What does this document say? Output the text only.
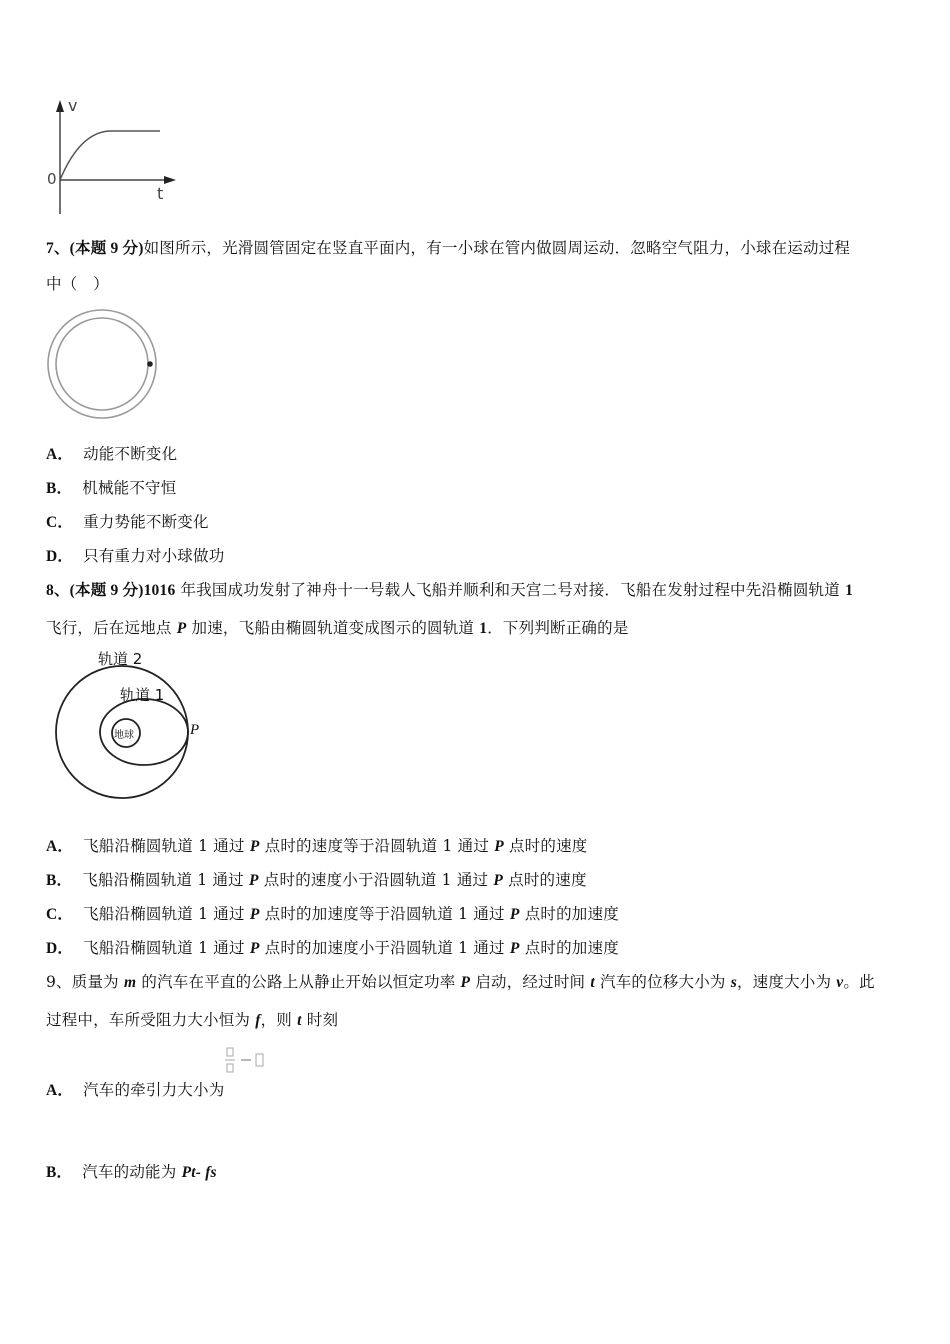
v
t
0
7、(本题 9 分)如图所示，光滑圆管固定在竖直平面内，有一小球在管内做圆周运动．忽略空气阻力，小球在运动过程
中（　）
A． 动能不断变化
B． 机械能不守恒
C． 重力势能不断变化
D． 只有重力对小球做功
8、(本题 9 分)1016 年我国成功发射了神舟十一号载人飞船并顺利和天宫二号对接．飞船在发射过程中先沿椭圆轨道 1
飞行，后在远地点 P 加速，飞船由椭圆轨道变成图示的圆轨道 1．下列判断正确的是
轨道 2
轨道 1
地球	P
A． 飞船沿椭圆轨道 1 通过 P 点时的速度等于沿圆轨道 1 通过 P 点时的速度
B． 飞船沿椭圆轨道 1 通过 P 点时的速度小于沿圆轨道 1 通过 P 点时的速度
C． 飞船沿椭圆轨道 1 通过 P 点时的加速度等于沿圆轨道 1 通过 P 点时的加速度
D． 飞船沿椭圆轨道 1 通过 P 点时的加速度小于沿圆轨道 1 通过 P 点时的加速度
9、质量为 m 的汽车在平直的公路上从静止开始以恒定功率 P 启动，经过时间 t 汽车的位移大小为 s，速度大小为 v。此
过程中，车所受阻力大小恒为 f，则 t 时刻
A． 汽车的牵引力大小为
B． 汽车的动能为 Pt- fs
